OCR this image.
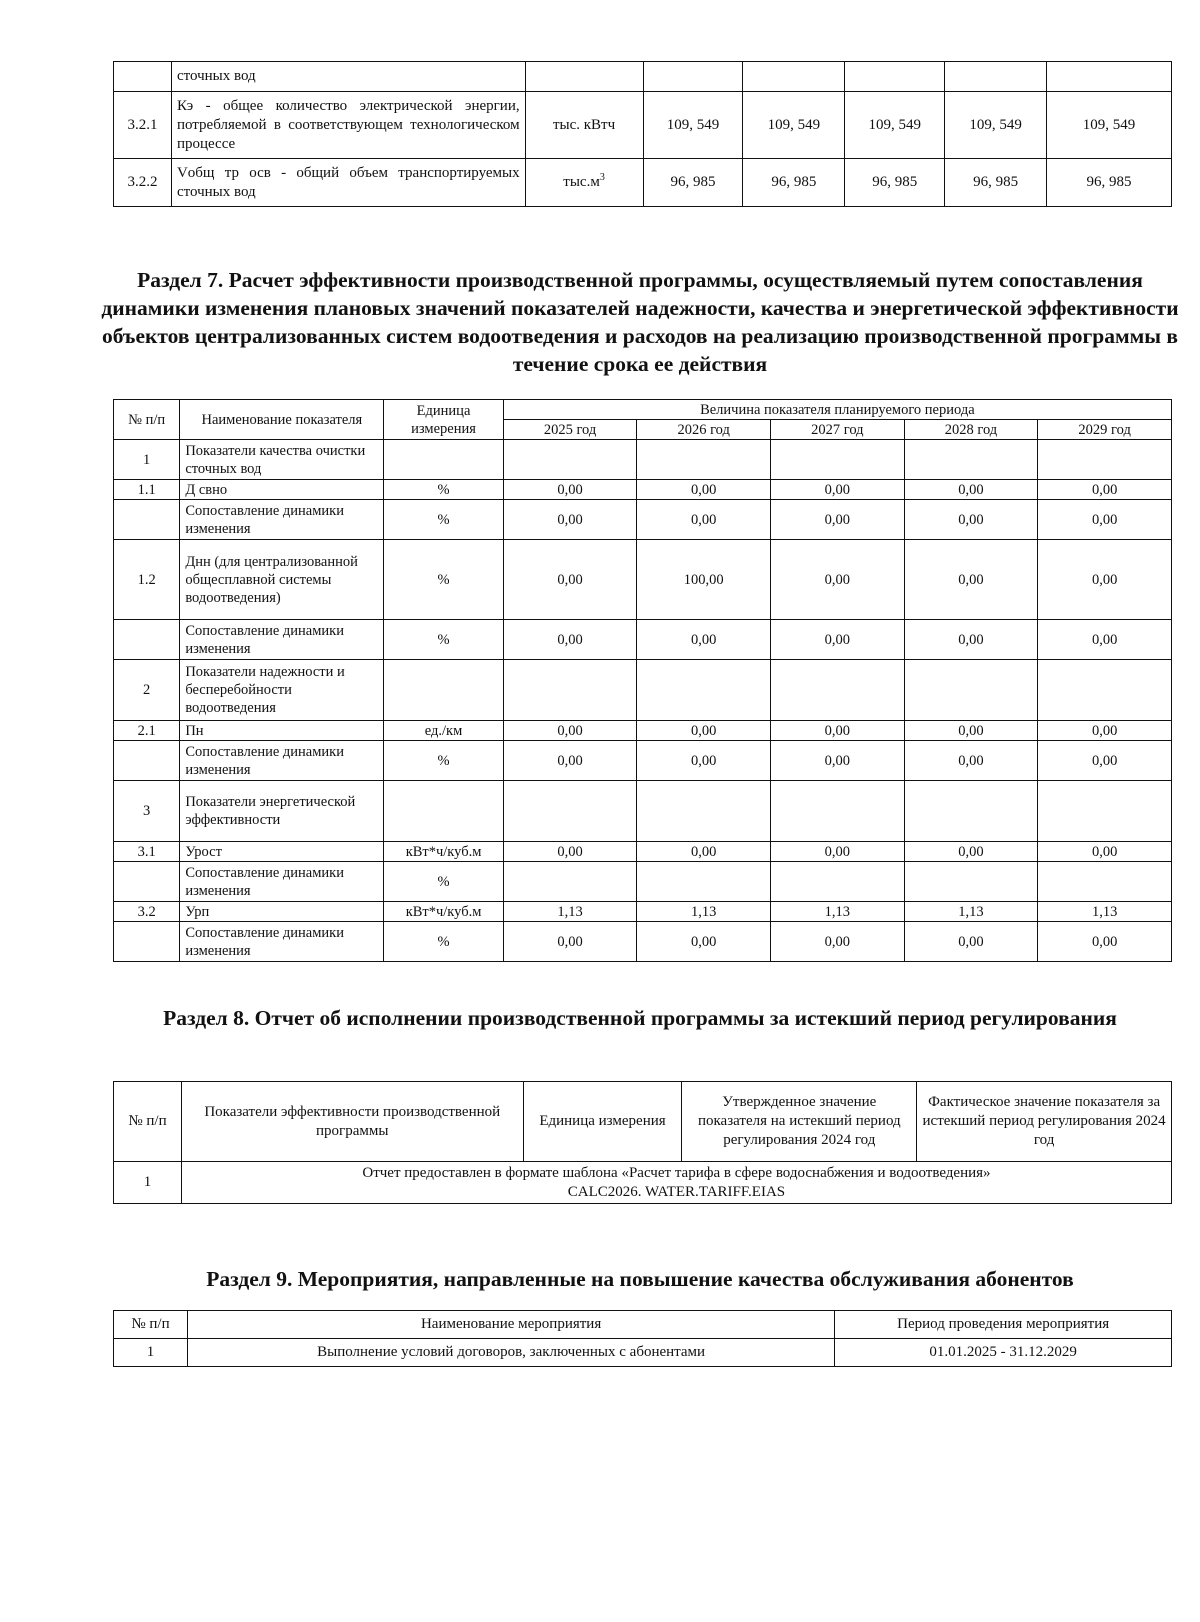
	сточных вод						
3.2.1	Кэ - общее количество электрической энергии, потребляемой в соответствующем технологическом процессе	тыс. кВтч	109, 549	109, 549	109, 549	109, 549	109, 549
3.2.2	Vобщ тр осв - общий объем транспортируемых сточных вод	$тыс.м^3$	96, 985	96, 985	96, 985	96, 985	96, 985
Раздел 7. Расчет эффективности производственной программы, осуществляемый путем сопоставления динамики изменения плановых значений показателей надежности, качества и энергетической эффективности объектов централизованных систем водоотведения и расходов на реализацию производственной программы в течение срока ее действия
№ п/п	Наименование показателя	Единица измерения	Величина показателя планируемого периода				
			2025 год	2026 год	2027 год	2028 год	2029 год
1	Показатели качества очистки сточных вод						
1.1	Д свно	%	0,00	0,00	0,00	0,00	0,00
	Сопоставление динамики изменения	%	0,00	0,00	0,00	0,00	0,00
1.2	Днн (для централизованной общесплавной системы водоотведения)	%	0,00	100,00	0,00	0,00	0,00
	Сопоставление динамики изменения	%	0,00	0,00	0,00	0,00	0,00
2	Показатели надежности и бесперебойности водоотведения						
2.1	Пн	ед./км	0,00	0,00	0,00	0,00	0,00
	Сопоставление динамики изменения	%	0,00	0,00	0,00	0,00	0,00
3	Показатели энергетической эффективности						
3.1	Урост	кВт*ч/куб.м	0,00	0,00	0,00	0,00	0,00
	Сопоставление динамики изменения	%					
3.2	Урп	кВт*ч/куб.м	1,13	1,13	1,13	1,13	1,13
	Сопоставление динамики изменения	%	0,00	0,00	0,00	0,00	0,00
Раздел 8. Отчет об исполнении производственной программы за истекший период регулирования
№ п/п	Показатели эффективности производственной программы	Единица измерения	Утвержденное значение показателя на истекший период регулирования 2024 год	Фактическое значение показателя за истекший период регулирования 2024 год
1	Отчет предоставлен в формате шаблона «Расчет тарифа в сфере водоснабжения и водоотведения»
CALC2026. WATER.TARIFF.EIAS			
Раздел 9. Мероприятия, направленные на повышение качества обслуживания абонентов
№ п/п	Наименование мероприятия	Период проведения мероприятия
1	Выполнение условий договоров, заключенных с абонентами	01.01.2025 - 31.12.2029
